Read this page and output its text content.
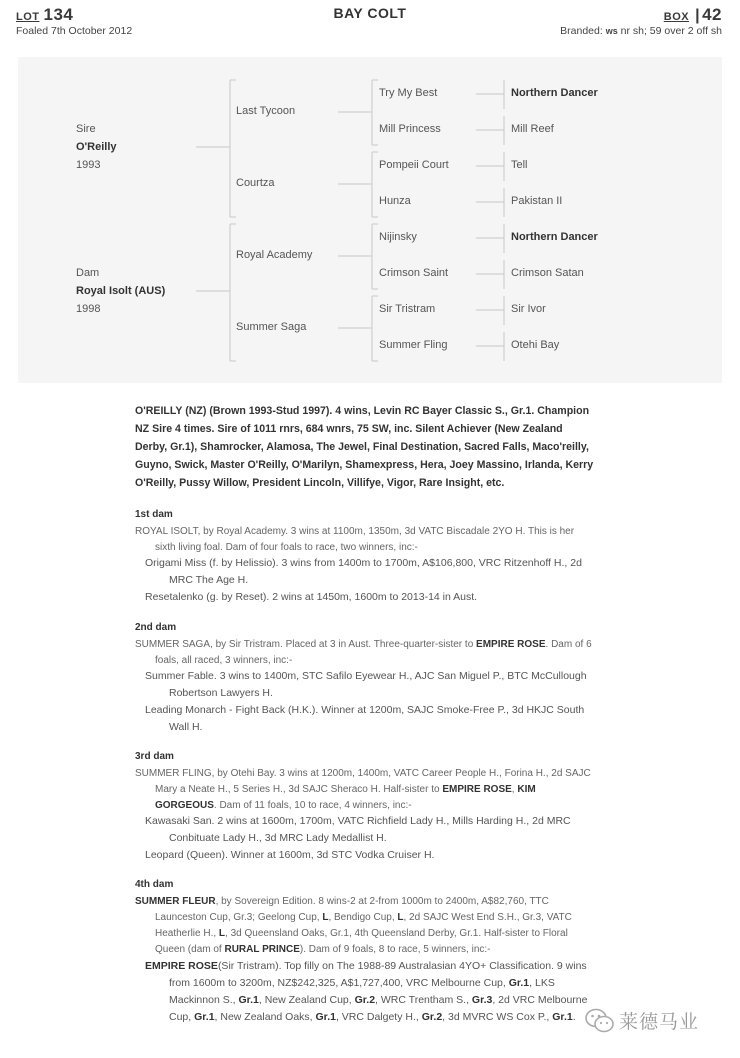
LOT 134
Foaled 7th October 2012
BAY COLT	BOX | 42
Branded: ws nr sh; 59 over 2 off sh
Sire
O'Reilly
1993
Dam
Royal Isolt (AUS)
1998
Last Tycoon
Courtza
Royal Academy
Summer Saga
Try My Best
Mill Princess
Pompeii Court
Hunza
Nijinsky
Crimson Saint
Sir Tristram
Summer Fling
Northern Dancer
Mill Reef
Tell
Pakistan II
Northern Dancer
Crimson Satan
Sir Ivor
Otehi Bay
O'REILLY (NZ) (Brown 1993-Stud 1997). 4 wins, Levin RC Bayer Classic S., Gr.1. Champion NZ Sire 4 times. Sire of 1011 rnrs, 684 wnrs, 75 SW, inc. Silent Achiever (New Zealand Derby, Gr.1), Shamrocker, Alamosa, The Jewel, Final Destination, Sacred Falls, Maco'reilly, Guyno, Swick, Master O'Reilly, O'Marilyn, Shamexpress, Hera, Joey Massino, Irlanda, Kerry O'Reilly, Pussy Willow, President Lincoln, Villifye, Vigor, Rare Insight, etc.
1st dam
ROYAL ISOLT, by Royal Academy. 3 wins at 1100m, 1350m, 3d VATC Biscadale 2YO H. This is her sixth living foal. Dam of four foals to race, two winners, inc:-
Origami Miss (f. by Helissio). 3 wins from 1400m to 1700m, A$106,800, VRC Ritzenhoff H., 2d MRC The Age H.
Resetalenko (g. by Reset). 2 wins at 1450m, 1600m to 2013-14 in Aust.
2nd dam
SUMMER SAGA, by Sir Tristram. Placed at 3 in Aust. Three-quarter-sister to EMPIRE ROSE. Dam of 6 foals, all raced, 3 winners, inc:-
Summer Fable. 3 wins to 1400m, STC Safilo Eyewear H., AJC San Miguel P., BTC McCullough Robertson Lawyers H.
Leading Monarch - Fight Back (H.K.). Winner at 1200m, SAJC Smoke-Free P., 3d HKJC South Wall H.
3rd dam
SUMMER FLING, by Otehi Bay. 3 wins at 1200m, 1400m, VATC Career People H., Forina H., 2d SAJC Mary a Neate H., 5 Series H., 3d SAJC Sheraco H. Half-sister to EMPIRE ROSE, KIM GORGEOUS. Dam of 11 foals, 10 to race, 4 winners, inc:-
Kawasaki San. 2 wins at 1600m, 1700m, VATC Richfield Lady H., Mills Harding H., 2d MRC Conbituate Lady H., 3d MRC Lady Medallist H.
Leopard (Queen). Winner at 1600m, 3d STC Vodka Cruiser H.
4th dam
SUMMER FLEUR, by Sovereign Edition. 8 wins-2 at 2-from 1000m to 2400m, A$82,760, TTC Launceston Cup, Gr.3; Geelong Cup, L, Bendigo Cup, L, 2d SAJC West End S.H., Gr.3, VATC Heatherlie H., L, 3d Queensland Oaks, Gr.1, 4th Queensland Derby, Gr.1. Half-sister to Floral Queen (dam of RURAL PRINCE). Dam of 9 foals, 8 to race, 5 winners, inc:-
EMPIRE ROSE(Sir Tristram). Top filly on The 1988-89 Australasian 4YO+ Classification. 9 wins from 1600m to 3200m, NZ$242,325, A$1,727,400, VRC Melbourne Cup, Gr.1, LKS Mackinnon S., Gr.1, New Zealand Cup, Gr.2, WRC Trentham S., Gr.3, 2d VRC Melbourne Cup, Gr.1, New Zealand Oaks, Gr.1, VRC Dalgety H., Gr.2, 3d MVRC WS Cox P., Gr.1.	莱德马业
